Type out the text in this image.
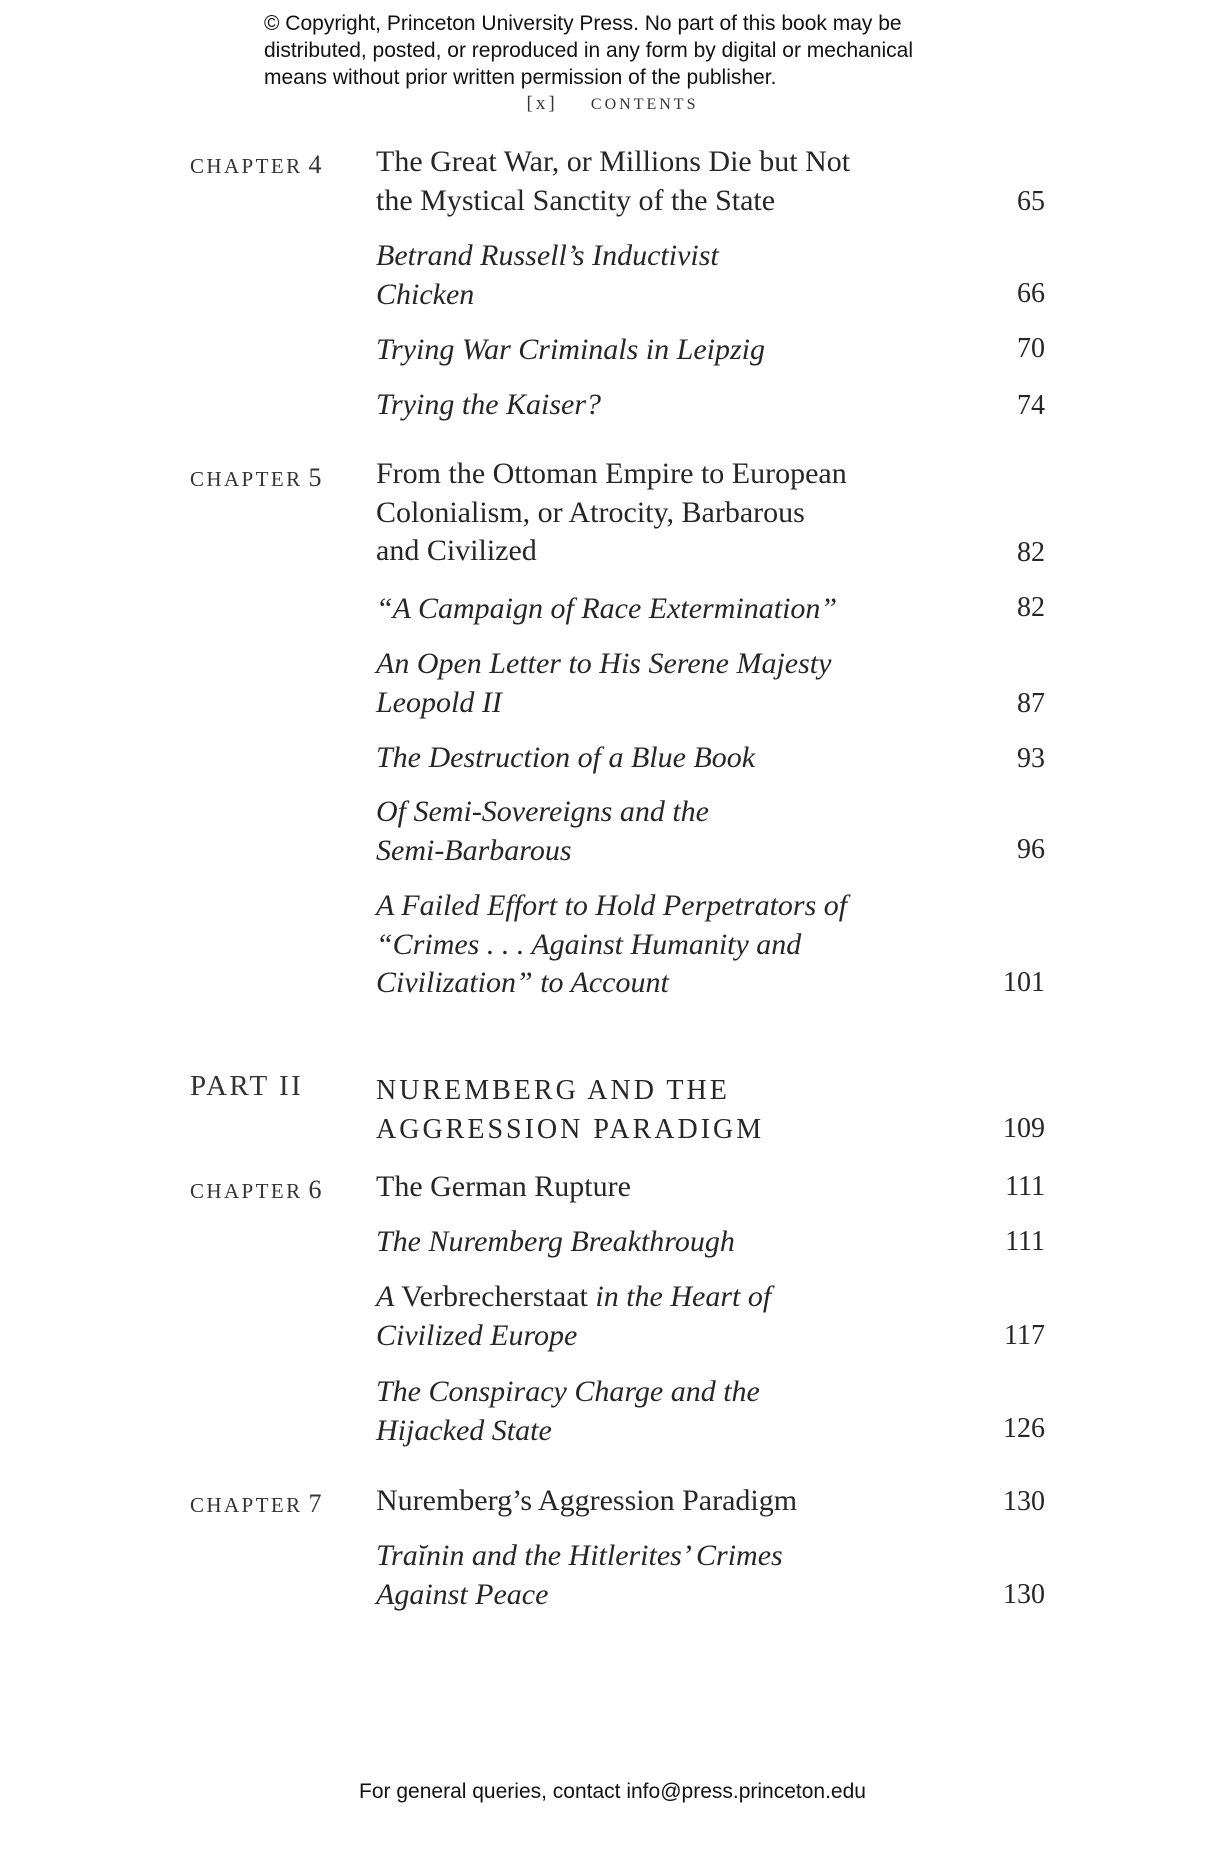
© Copyright, Princeton University Press. No part of this book may be
distributed, posted, or reproduced in any form by digital or mechanical
means without prior written permission of the publisher.
[x] CONTENTS
CHAPTER 4 The Great War, or Millions Die but Not
the Mystical Sanctity of the State	65
Betrand Russell’s Inductivist
Chicken	66
Trying War Criminals in Leipzig	70
Trying the Kaiser?	74
CHAPTER 5 From the Ottoman Empire to European
Colonialism, or Atrocity, Barbarous
and Civilized	82
“A Campaign of Race Extermination”	82
An Open Letter to His Serene Majesty
Leopold II	87
The Destruction of a Blue Book	93
Of Semi-Sovereigns and the
Semi-Barbarous	96
A Failed Effort to Hold Perpetrators of
“Crimes . . . Against Humanity and
Civilization” to Account	101
PART II	NUREMBERG AND THE
AGGRESSION PARADIGM	109
CHAPTER 6 The German Rupture	111
The Nuremberg Breakthrough	111
A Verbrecherstaat in the Heart of
Civilized Europe	117
The Conspiracy Charge and the
Hijacked State	126
CHAPTER 7 Nuremberg’s Aggression Paradigm	130
Traĭnin and the Hitlerites’ Crimes
Against Peace	130
For general queries, contact info@press.princeton.edu
